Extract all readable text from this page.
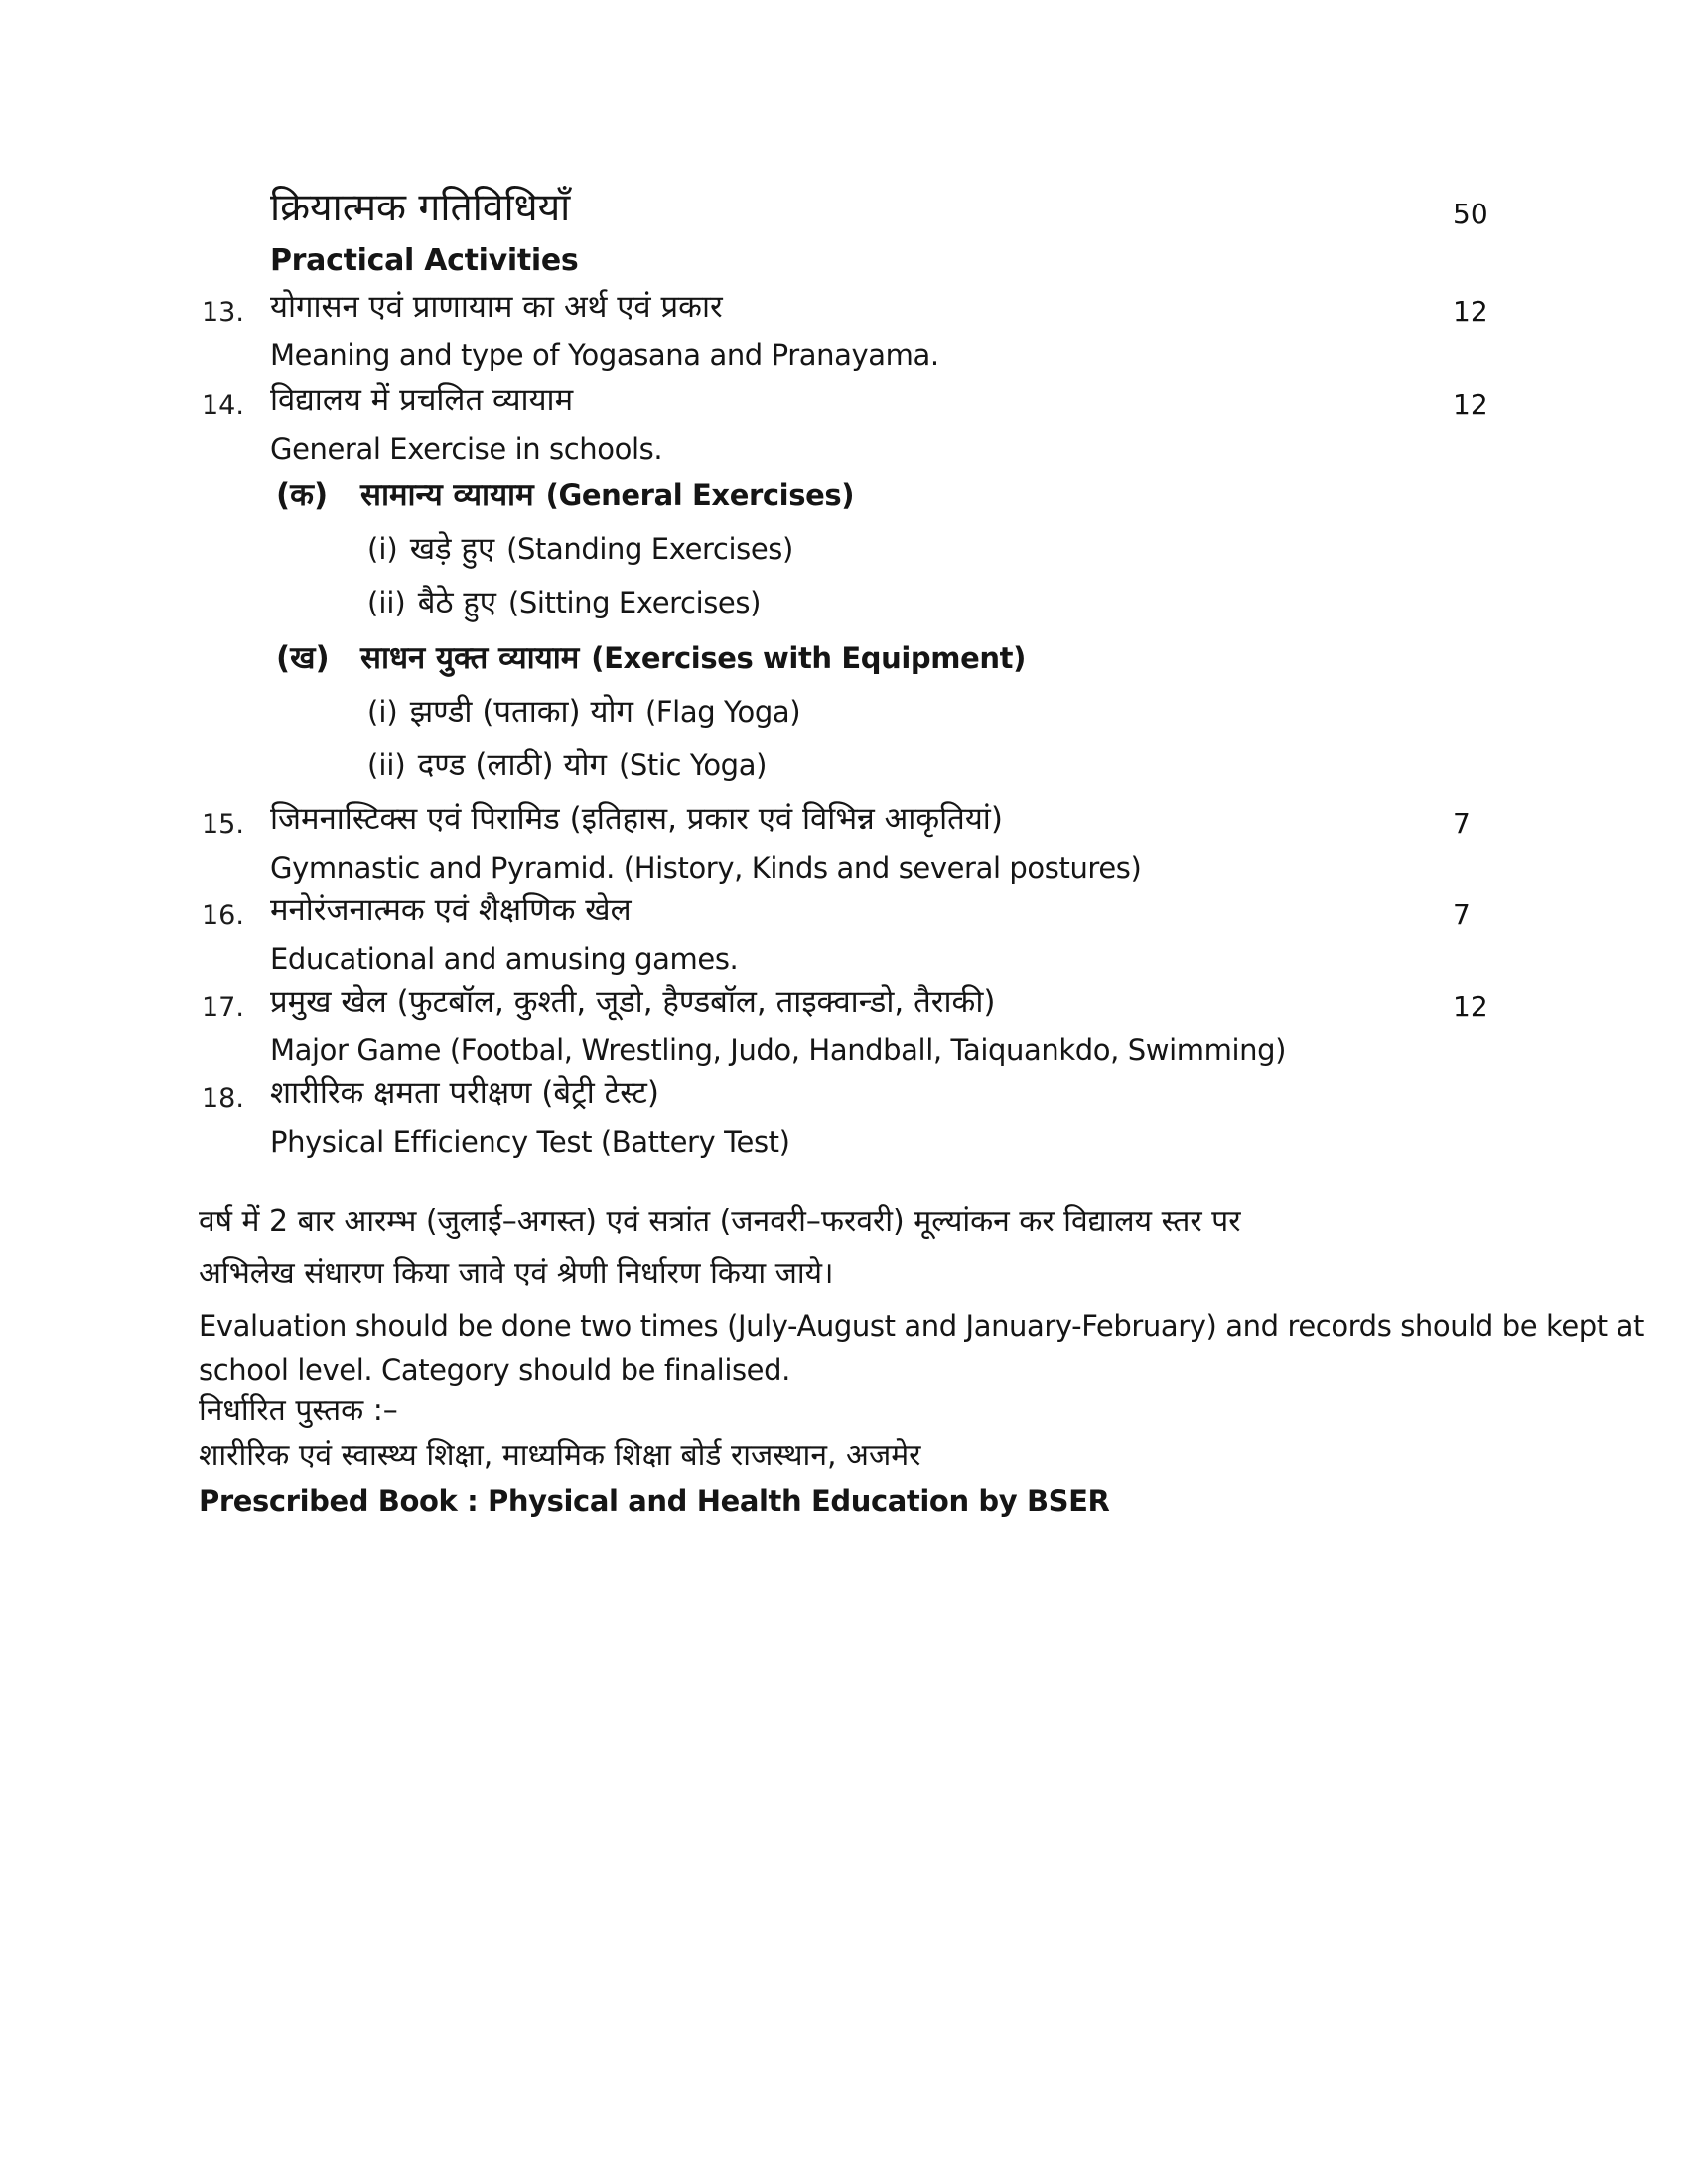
क्रियात्मक गतिविधियाँ
Practical Activities
50
13. योगासन एवं प्राणायाम का अर्थ एवं प्रकार
Meaning and type of Yogasana and Pranayama.
12
14. विद्यालय में प्रचलित व्यायाम
General Exercise in schools.
12
(क) सामान्य व्यायाम (General Exercises)
(i) खड़े हुए (Standing Exercises)
(ii) बैठे हुए (Sitting Exercises)
(ख) साधन युक्त व्यायाम (Exercises with Equipment)
(i) झण्डी (पताका) योग (Flag Yoga)
(ii) दण्ड (लाठी) योग (Stic Yoga)
15. जिमनास्टिक्स एवं पिरामिड (इतिहास, प्रकार एवं विभिन्न आकृतियां)
Gymnastic and Pyramid. (History, Kinds and several postures)
7
16. मनोरंजनात्मक एवं शैक्षणिक खेल
Educational and amusing games.
7
17. प्रमुख खेल (फुटबॉल, कुश्ती, जूडो, हैण्डबॉल, ताइक्वान्डो, तैराकी)
Major Game (Footbal, Wrestling, Judo, Handball, Taiquankdo, Swimming)
12
18. शारीरिक क्षमता परीक्षण (बेट्री टेस्ट)
Physical Efficiency Test (Battery Test)
वर्ष में 2 बार आरम्भ (जुलाई–अगस्त) एवं सत्रांत (जनवरी–फरवरी) मूल्यांकन कर विद्यालय स्तर पर
अभिलेख संधारण किया जावे एवं श्रेणी निर्धारण किया जाये।
Evaluation should be done two times (July-August and January-February) and records should be kept at
school level. Category should be finalised.
निर्धारित पुस्तक :–
शारीरिक एवं स्वास्थ्य शिक्षा, माध्यमिक शिक्षा बोर्ड राजस्थान, अजमेर
Prescribed Book : Physical and Health Education by BSER
